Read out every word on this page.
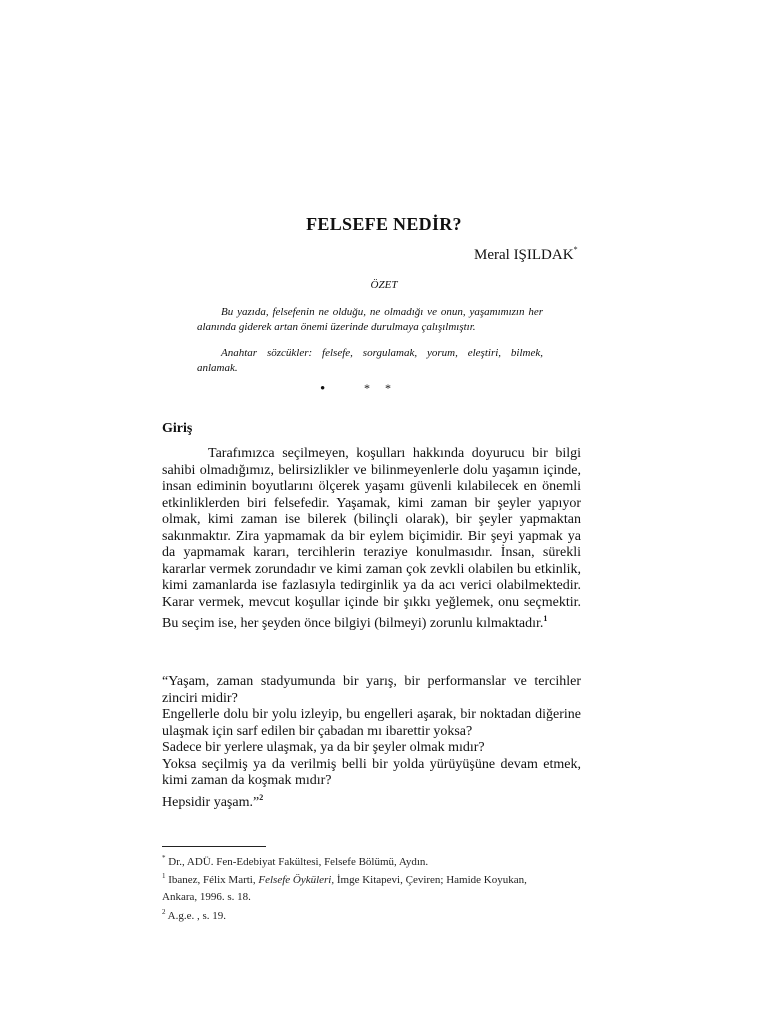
FELSEFE NEDİR?
Meral IŞILDAK*
ÖZET
Bu yazıda, felsefenin ne olduğu, ne olmadığı ve onun, yaşamımızın her alanında giderek artan önemi üzerinde durulmaya çalışılmıştır.
Anahtar sözcükler: felsefe, sorgulamak, yorum, eleştiri, bilmek, anlamak.
•	* *
Giriş

Tarafımızca seçilmeyen, koşulları hakkında doyurucu bir bilgi sahibi olmadığımız, belirsizlikler ve bilinmeyenlerle dolu yaşamın içinde, insan ediminin boyutlarını ölçerek yaşamı güvenli kılabilecek en önemli etkinliklerden biri felsefedir. Yaşamak, kimi zaman bir şeyler yapıyor olmak, kimi zaman ise bilerek (bilinçli olarak), bir şeyler yapmaktan sakınmaktır. Zira yapmamak da bir eylem biçimidir. Bir şeyi yapmak ya da yapmamak kararı, tercihlerin teraziye konulmasıdır. İnsan, sürekli kararlar vermek zorundadır ve kimi zaman çok zevkli olabilen bu etkinlik, kimi zamanlarda ise fazlasıyla tedirginlik ya da acı verici olabilmektedir. Karar vermek, mevcut koşullar içinde bir şıkkı yeğlemek, onu seçmektir. Bu seçim ise, her şeyden önce bilgiyi (bilmeyi) zorunlu kılmaktadır.$^1$

“Yaşam, zaman stadyumunda bir yarış, bir performanslar ve tercihler zinciri midir?

Engellerle dolu bir yolu izleyip, bu engelleri aşarak, bir noktadan diğerine ulaşmak için sarf edilen bir çabadan mı ibarettir yoksa?

Sadece bir yerlere ulaşmak, ya da bir şeyler olmak mıdır?

Yoksa seçilmiş ya da verilmiş belli bir yolda yürüyüşüne devam etmek, kimi zaman da koşmak mıdır?

Hepsidir yaşam.”$^2$

* Dr., ADÜ. Fen-Edebiyat Fakültesi, Felsefe Bölümü, Aydın.
$^1$ Ibanez, Félix Marti, Felsefe Öyküleri, İmge Kitapevi, Çeviren; Hamide Koyukan, Ankara, 1996. s. 18.
$^2$ A.g.e. , s. 19.
